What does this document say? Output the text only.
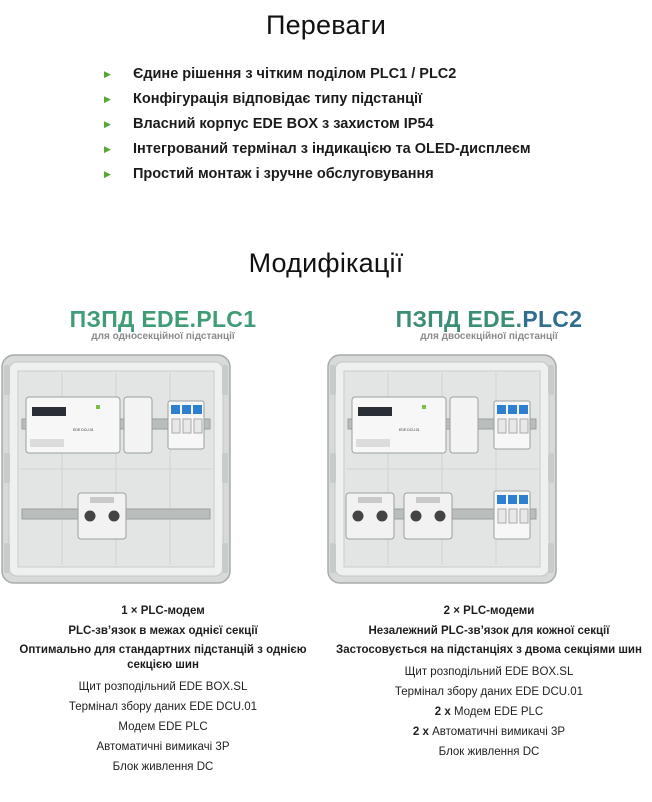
Переваги
▶ Єдине рішення з чітким поділом PLC1 / PLC2
▶ Конфігурація відповідає типу підстанції
▶ Власний корпус EDE BOX з захистом IP54
▶ Інтегрований термінал з індикацією та OLED-дисплеєм
▶ Простий монтаж і зручне обслуговування
Модифікації
ПЗПД EDE.PLC1
для односекційної підстанції
EDE DCU.01
1 × PLC-модем
PLC-зв’язок в межах однієї секції
Оптимально для стандартних підстанцій з однією секцією шин
Щит розподільний EDE BOX.SL
Термінал збору даних EDE DCU.01
Модем EDE PLC
Автоматичні вимикачі 3Р
Блок живлення DC
ПЗПД EDE.PLC2
для двосекційної підстанції
EDE DCU.01
2 × PLC-модеми
Незалежний PLC-зв’язок для кожної секції
Застосовується на підстанціях з двома секціями шин
Щит розподільний EDE BOX.SL
Термінал збору даних EDE DCU.01
2 x Модем EDE PLC
2 x Автоматичні вимикачі 3Р
Блок живлення DC
